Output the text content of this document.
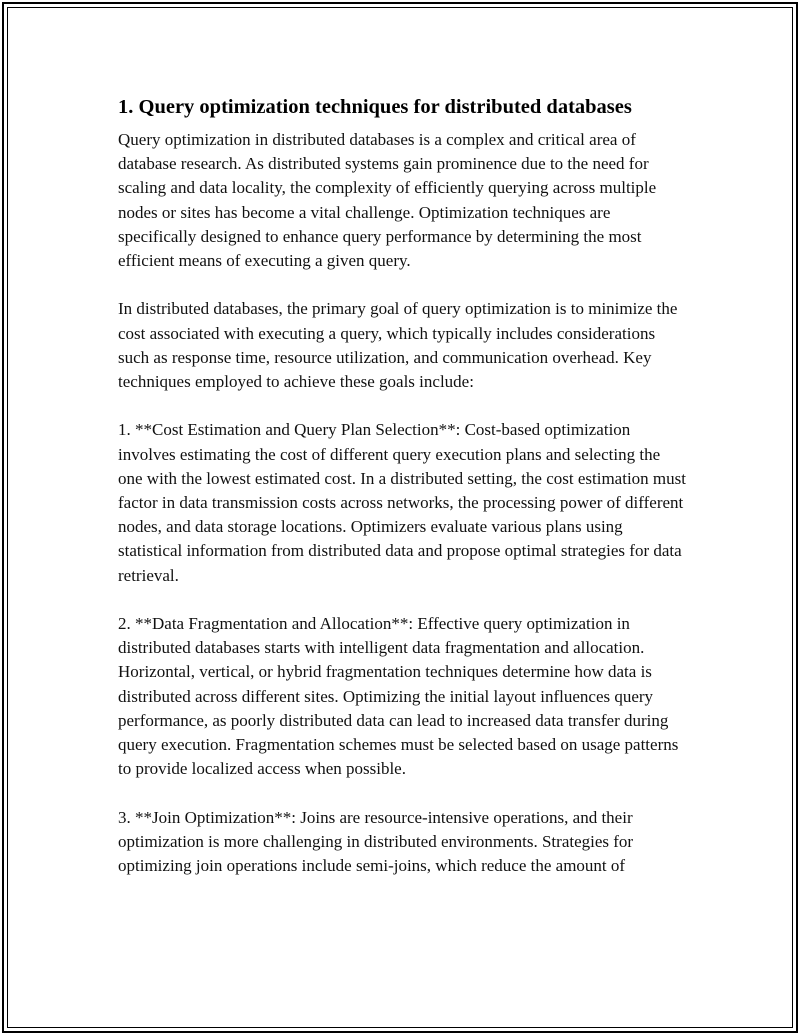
1. Query optimization techniques for distributed databases

Query optimization in distributed databases is a complex and critical area of database research. As distributed systems gain prominence due to the need for scaling and data locality, the complexity of efficiently querying across multiple nodes or sites has become a vital challenge. Optimization techniques are specifically designed to enhance query performance by determining the most efficient means of executing a given query.

In distributed databases, the primary goal of query optimization is to minimize the cost associated with executing a query, which typically includes considerations such as response time, resource utilization, and communication overhead. Key techniques employed to achieve these goals include:

1. **Cost Estimation and Query Plan Selection**: Cost-based optimization involves estimating the cost of different query execution plans and selecting the one with the lowest estimated cost. In a distributed setting, the cost estimation must factor in data transmission costs across networks, the processing power of different nodes, and data storage locations. Optimizers evaluate various plans using statistical information from distributed data and propose optimal strategies for data retrieval.

2. **Data Fragmentation and Allocation**: Effective query optimization in distributed databases starts with intelligent data fragmentation and allocation. Horizontal, vertical, or hybrid fragmentation techniques determine how data is distributed across different sites. Optimizing the initial layout influences query performance, as poorly distributed data can lead to increased data transfer during query execution. Fragmentation schemes must be selected based on usage patterns to provide localized access when possible.

3. **Join Optimization**: Joins are resource-intensive operations, and their optimization is more challenging in distributed environments. Strategies for optimizing join operations include semi-joins, which reduce the amount of
